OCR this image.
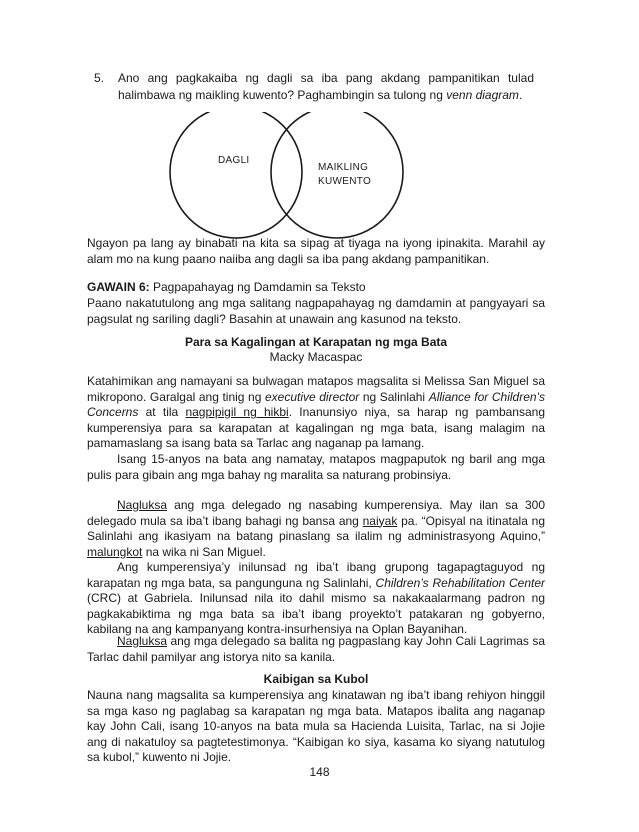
5. Ano ang pagkakaiba ng dagli sa iba pang akdang pampanitikan tulad halimbawa ng maikling kuwento? Paghambingin sa tulong ng venn diagram.
DAGLI
MAIKLING
KUWENTO
Ngayon pa lang ay binabati na kita sa sipag at tiyaga na iyong ipinakita. Marahil ay alam mo na kung paano naiiba ang dagli sa iba pang akdang pampanitikan.
GAWAIN 6: Pagpapahayag ng Damdamin sa Teksto
Paano nakatutulong ang mga salitang nagpapahayag ng damdamin at pangyayari sa pagsulat ng sariling dagli? Basahin at unawain ang kasunod na teksto.
Para sa Kagalingan at Karapatan ng mga Bata
Macky Macaspac
Katahimikan ang namayani sa bulwagan matapos magsalita si Melissa San Miguel sa mikropono. Garalgal ang tinig ng executive director ng Salinlahi Alliance for Children’s Concerns at tila nagpipigil ng hikbi. Inanunsiyo niya, sa harap ng pambansang kumperensiya para sa karapatan at kagalingan ng mga bata, isang malagim na pamamaslang sa isang bata sa Tarlac ang naganap pa lamang.
Isang 15-anyos na bata ang namatay, matapos magpaputok ng baril ang mga pulis para gibain ang mga bahay ng maralita sa naturang probinsiya.
Nagluksa ang mga delegado ng nasabing kumperensiya. May ilan sa 300 delegado mula sa iba’t ibang bahagi ng bansa ang naiyak pa. “Opisyal na itinatala ng Salinlahi ang ikasiyam na batang pinaslang sa ilalim ng administrasyong Aquino,” malungkot na wika ni San Miguel.
Ang kumperensiya’y inilunsad ng iba’t ibang grupong tagapagtaguyod ng karapatan ng mga bata, sa pangunguna ng Salinlahi, Children’s Rehabilitation Center (CRC) at Gabriela. Inilunsad nila ito dahil mismo sa nakakaalarmang padron ng pagkakabiktima ng mga bata sa iba’t ibang proyekto’t patakaran ng gobyerno, kabilang na ang kampanyang kontra-insurhensiya na Oplan Bayanihan.
Nagluksa ang mga delegado sa balita ng pagpaslang kay John Cali Lagrimas sa Tarlac dahil pamilyar ang istorya nito sa kanila.
Kaibigan sa Kubol
Nauna nang magsalita sa kumperensiya ang kinatawan ng iba’t ibang rehiyon hinggil sa mga kaso ng paglabag sa karapatan ng mga bata. Matapos ibalita ang naganap kay John Cali, isang 10-anyos na bata mula sa Hacienda Luisita, Tarlac, na si Jojie ang di nakatuloy sa pagtetestimonya. “Kaibigan ko siya, kasama ko siyang natutulog sa kubol,” kuwento ni Jojie.
148
